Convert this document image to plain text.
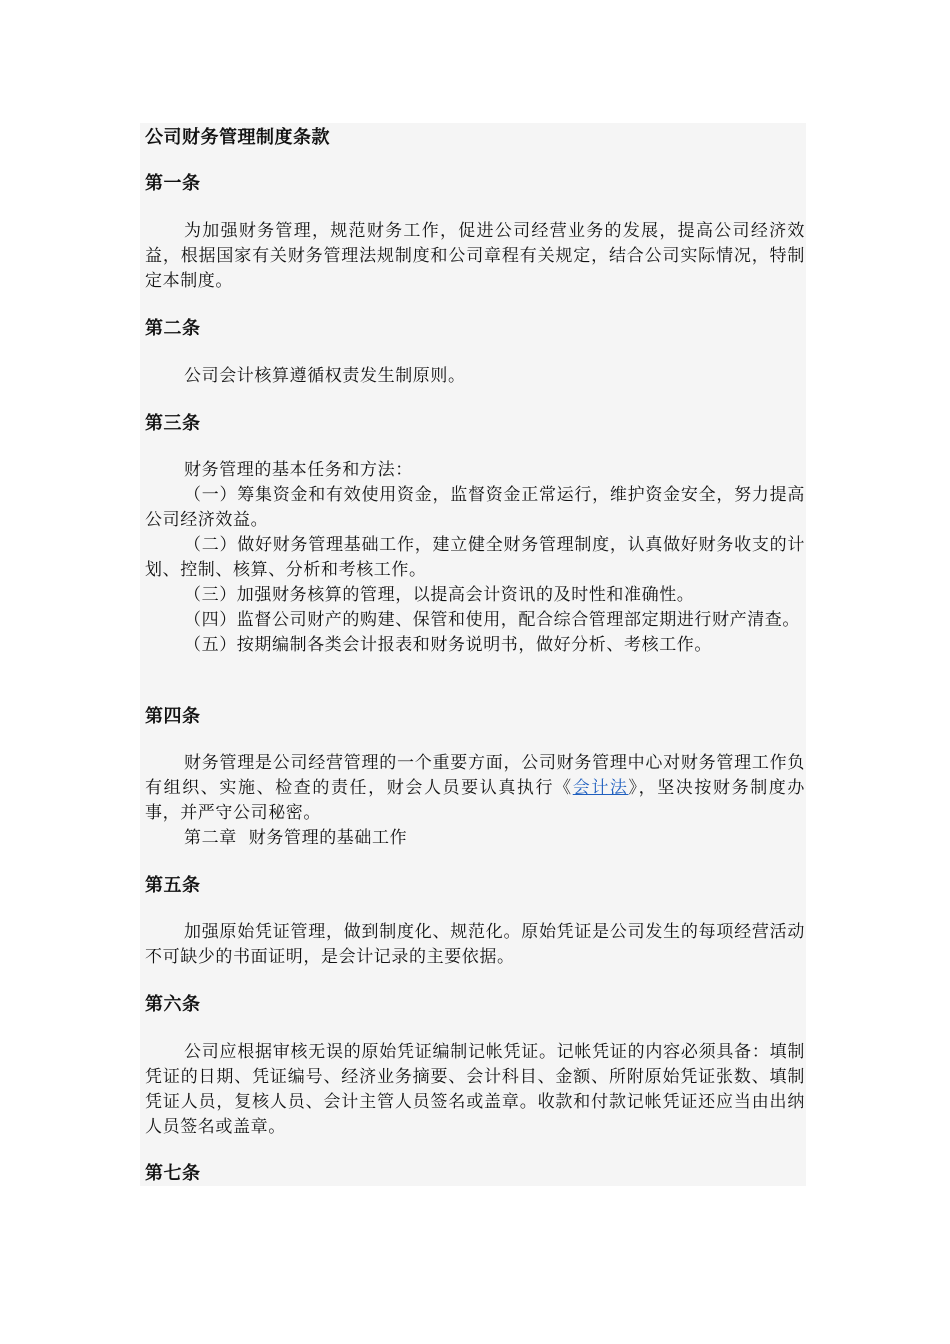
公司财务管理制度条款
第一条

为加强财务管理，规范财务工作，促进公司经营业务的发展，提高公司经济效益，根据国家有关财务管理法规制度和公司章程有关规定，结合公司实际情况，特制定本制度。

第二条

公司会计核算遵循权责发生制原则。

第三条

财务管理的基本任务和方法：

（一）筹集资金和有效使用资金，监督资金正常运行，维护资金安全，努力提高公司经济效益。

（二）做好财务管理基础工作，建立健全财务管理制度，认真做好财务收支的计划、控制、核算、分析和考核工作。

（三）加强财务核算的管理，以提高会计资讯的及时性和准确性。

（四）监督公司财产的购建、保管和使用，配合综合管理部定期进行财产清查。

（五）按期编制各类会计报表和财务说明书，做好分析、考核工作。

第四条

财务管理是公司经营管理的一个重要方面，公司财务管理中心对财务管理工作负有组织、实施、检查的责任，财会人员要认真执行《会计法》，坚决按财务制度办事，并严守公司秘密。

第二章  财务管理的基础工作

第五条

加强原始凭证管理，做到制度化、规范化。原始凭证是公司发生的每项经营活动不可缺少的书面证明，是会计记录的主要依据。

第六条

公司应根据审核无误的原始凭证编制记帐凭证。记帐凭证的内容必须具备：填制凭证的日期、凭证编号、经济业务摘要、会计科目、金额、所附原始凭证张数、填制凭证人员，复核人员、会计主管人员签名或盖章。收款和付款记帐凭证还应当由出纳人员签名或盖章。

第七条
